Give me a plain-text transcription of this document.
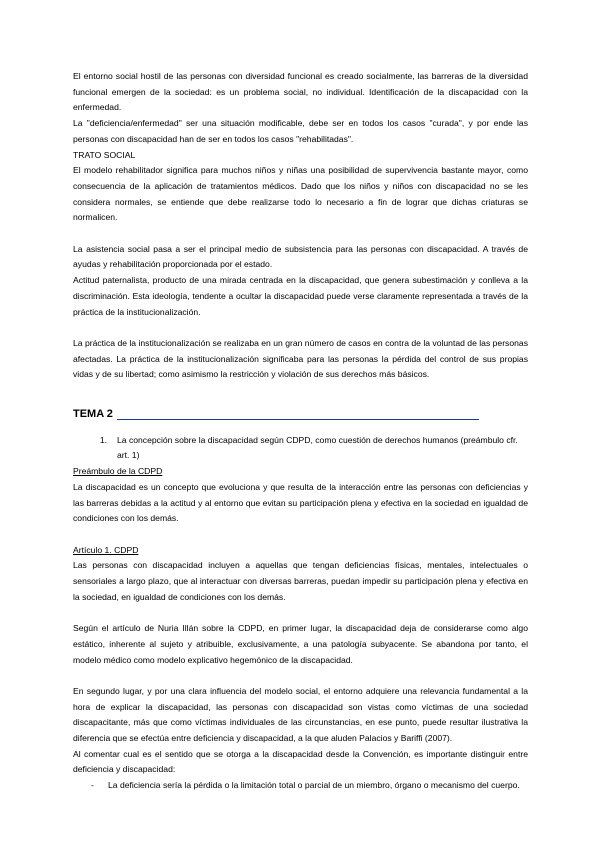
El entorno social hostil de las personas con diversidad funcional es creado socialmente, las barreras de la diversidad funcional emergen de la sociedad: es un problema social, no individual. Identificación de la discapacidad con la enfermedad.

La "deficiencia/enfermedad" ser una situación modificable, debe ser en todos los casos "curada", y por ende las personas con discapacidad han de ser en todos los casos "rehabilitadas".

TRATO SOCIAL

El modelo rehabilitador significa para muchos niños y niñas una posibilidad de supervivencia bastante mayor, como consecuencia de la aplicación de tratamientos médicos. Dado que los niños y niños con discapacidad no se les considera normales, se entiende que debe realizarse todo lo necesario a fin de lograr que dichas criaturas se normalicen.

La asistencia social pasa a ser el principal medio de subsistencia para las personas con discapacidad. A través de ayudas y rehabilitación proporcionada por el estado.

Actitud paternalista, producto de una mirada centrada en la discapacidad, que genera subestimación y conlleva a la discriminación. Esta ideología, tendente a ocultar la discapacidad puede verse claramente representada a través de la práctica de la institucionalización.

La práctica de la institucionalización se realizaba en un gran número de casos en contra de la voluntad de las personas afectadas. La práctica de la institucionalización significaba para las personas la pérdida del control de sus propias vidas y de su libertad; como asimismo la restricción y violación de sus derechos más básicos.

TEMA 2
1.	La concepción sobre la discapacidad según CDPD, como cuestión de derechos humanos (preámbulo cfr. art. 1)

Preámbulo de la CDPD

La discapacidad es un concepto que evoluciona y que resulta de la interacción entre las personas con deficiencias y las barreras debidas a la actitud y al entorno que evitan su participación plena y efectiva en la sociedad en igualdad de condiciones con los demás.

Artículo 1. CDPD

Las personas con discapacidad incluyen a aquellas que tengan deficiencias físicas, mentales, intelectuales o sensoriales a largo plazo, que al interactuar con diversas barreras, puedan impedir su participación plena y efectiva en la sociedad, en igualdad de condiciones con los demás.

Según el artículo de Nuria Illán sobre la CDPD, en primer lugar, la discapacidad deja de considerarse como algo estático, inherente al sujeto y atribuible, exclusivamente, a una patología subyacente. Se abandona por tanto, el modelo médico como modelo explicativo hegemónico de la discapacidad.

En segundo lugar, y por una clara influencia del modelo social, el entorno adquiere una relevancia fundamental a la hora de explicar la discapacidad, las personas con discapacidad son vistas como víctimas de una sociedad discapacitante, más que como víctimas individuales de las circunstancias, en ese punto, puede resultar ilustrativa la diferencia que se efectúa entre deficiencia y discapacidad, a la que aluden Palacios y Bariffi (2007).

Al comentar cual es el sentido que se otorga a la discapacidad desde la Convención, es importante distinguir entre deficiencia y discapacidad:

-	La deficiencia sería la pérdida o la limitación total o parcial de un miembro, órgano o mecanismo del cuerpo.
